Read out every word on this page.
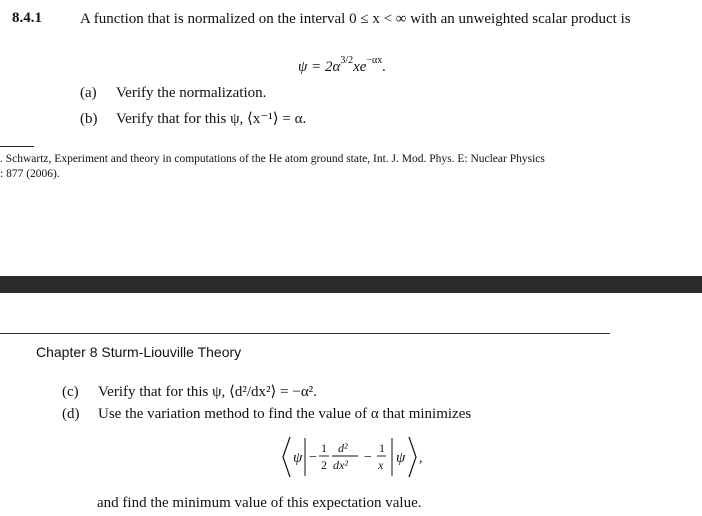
8.4.1	A function that is normalized on the interval 0 ≤ x < ∞ with an unweighted scalar product is
$\psi = 2\alpha^{3/2}xe^{-\alpha x}$.
(a) Verify the normalization.
(b) Verify that for this ψ, ⟨x⁻¹⟩ = α.
. Schwartz, Experiment and theory in computations of the He atom ground state, Int. J. Mod. Phys. E: Nuclear Physics
: 877 (2006).
Chapter 8 Sturm-Liouville Theory
(c) Verify that for this ψ, ⟨d²/dx²⟩ = −α².
(d) Use the variation method to find the value of α that minimizes
ψ −
1
2
d²
dx² −
1
x ψ ,
and find the minimum value of this expectation value.
